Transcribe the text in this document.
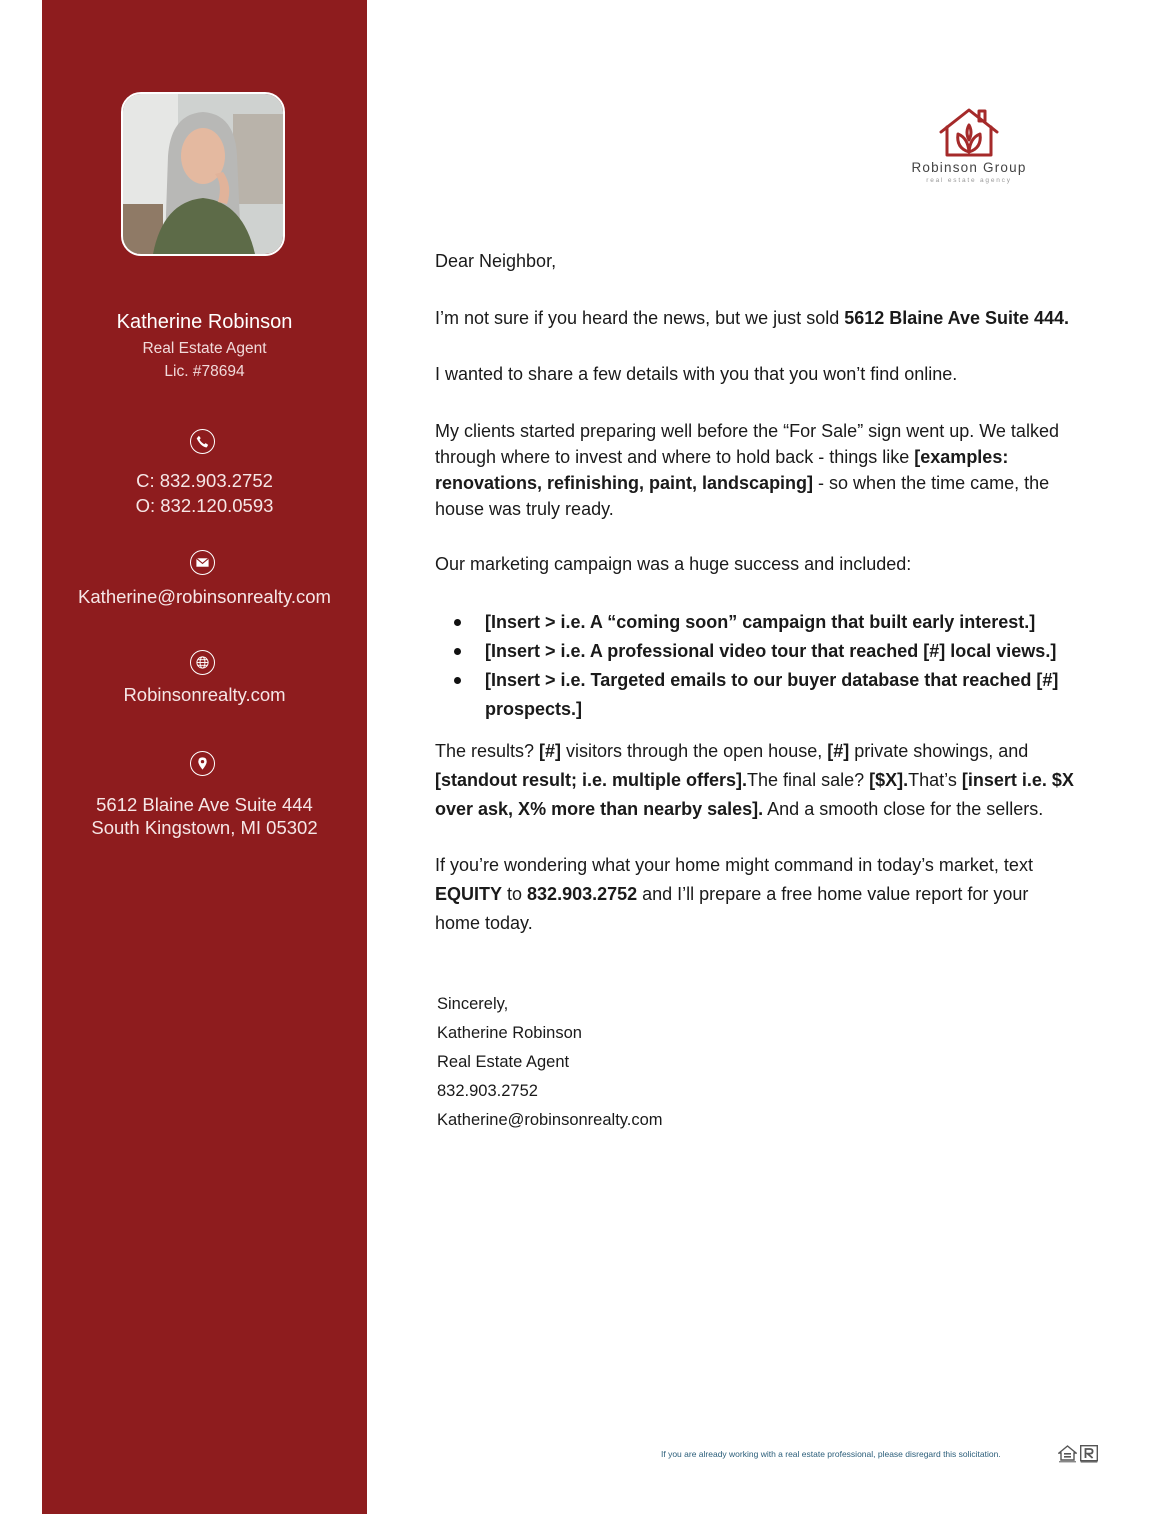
Katherine Robinson
Real Estate Agent
Lic. #78694
C: 832.903.2752
O: 832.120.0593
Katherine@robinsonrealty.com
Robinsonrealty.com
5612 Blaine Ave Suite 444
South Kingstown, MI 05302
Robinson Group
real estate agency
Dear Neighbor,
I’m not sure if you heard the news, but we just sold 5612 Blaine Ave Suite 444.
I wanted to share a few details with you that you won’t find online.
My clients started preparing well before the “For Sale” sign went up. We talked through where to invest and where to hold back - things like [examples: renovations, refinishing, paint, landscaping] - so when the time came, the house was truly ready.
Our marketing campaign was a huge success and included:
[Insert > i.e. A “coming soon” campaign that built early interest.]
[Insert > i.e. A professional video tour that reached [#] local views.]
[Insert > i.e. Targeted emails to our buyer database that reached [#] prospects.]
The results? [#] visitors through the open house, [#] private showings, and [standout result; i.e. multiple offers].The final sale? [$X].That’s [insert i.e. $X over ask, X% more than nearby sales]. And a smooth close for the sellers.
If you’re wondering what your home might command in today’s market, text EQUITY to 832.903.2752 and I’ll prepare a free home value report for your home today.
Sincerely,
Katherine Robinson
Real Estate Agent
832.903.2752
Katherine@robinsonrealty.com
If you are already working with a real estate professional, please disregard this solicitation.
